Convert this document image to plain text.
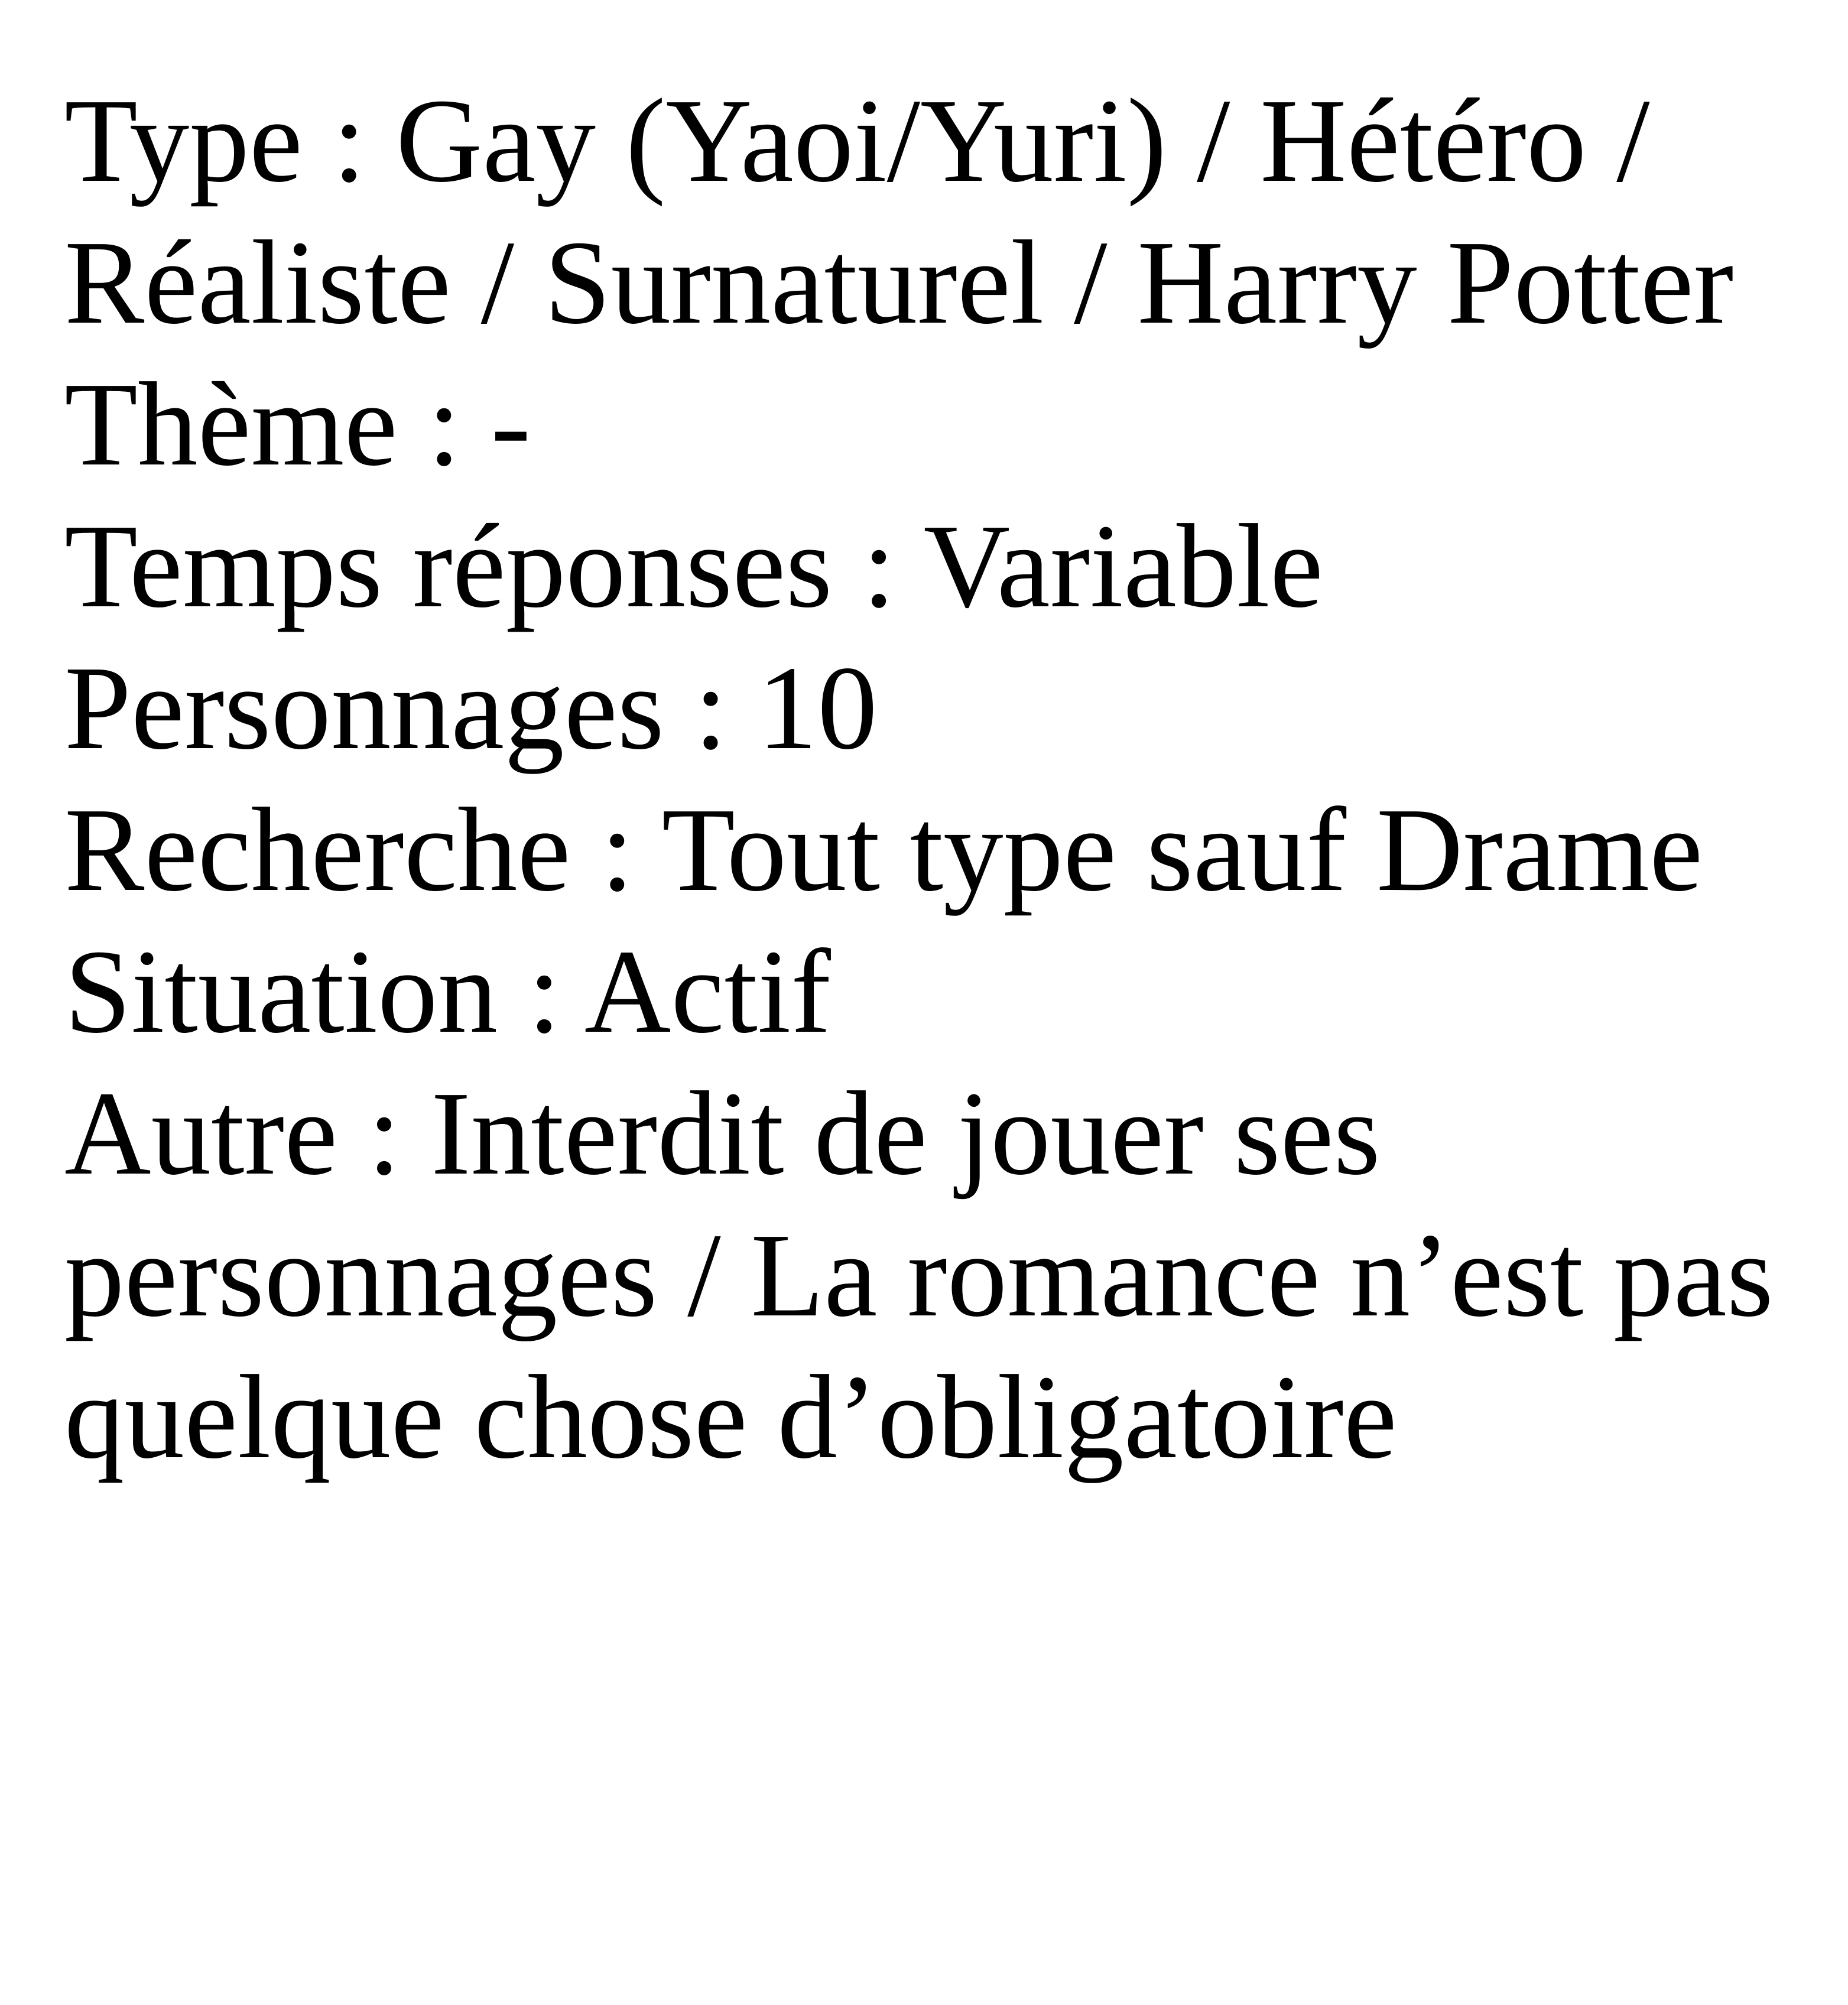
Type : Gay (Yaoi/Yuri) / Hétéro /

Réaliste / Surnaturel / Harry Potter

Thème : -

Temps réponses : Variable

Personnages : 10

Recherche : Tout type sauf Drame

Situation : Actif

Autre : Interdit de jouer ses

personnages / La romance n’est pas

quelque chose d’obligatoire
